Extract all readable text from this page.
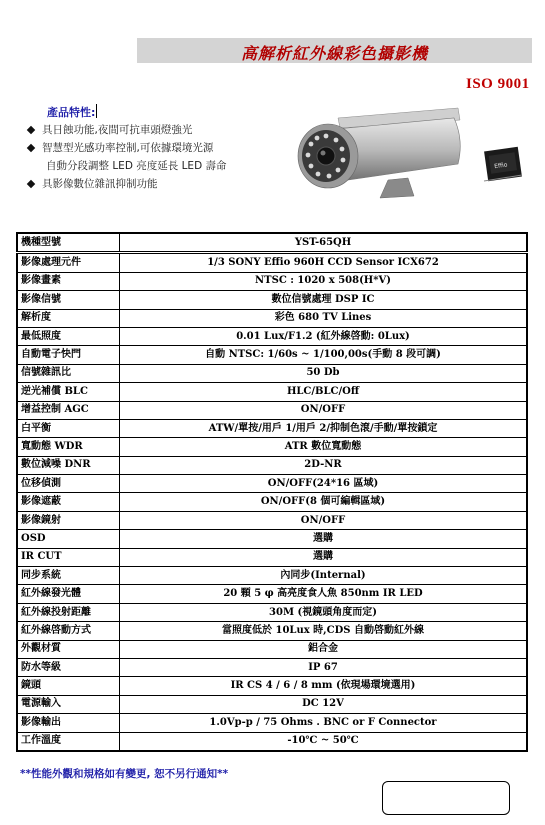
高解析紅外線彩色攝影機
ISO 9001
產品特性:
具日蝕功能,夜間可抗車頭燈強光
智慧型光感功率控制,可依據環境光源
自動分段調整 LED 亮度延長 LED 壽命
具影像數位雜訊抑制功能
Effio
機種型號	YST-65QH
影像處理元件	1/3 SONY Effio 960H CCD Sensor ICX672
影像畫素	NTSC : 1020 x 508(H*V)
影像信號	數位信號處理 DSP IC
解析度	彩色 680 TV Lines
最低照度	0.01 Lux/F1.2 (紅外線啓動: 0Lux)
自動電子快門	自動 NTSC: 1/60s ~ 1/100,00s(手動 8 段可調)
信號雜訊比	50 Db
逆光補償 BLC	HLC/BLC/Off
增益控制 AGC	ON/OFF
白平衡	ATW/單按/用戶 1/用戶 2/抑制色滾/手動/單按鎖定
寬動態 WDR	ATR 數位寬動態
數位減噪 DNR	2D-NR
位移偵測	ON/OFF(24*16 區域)
影像遮蔽	ON/OFF(8 個可編輯區域)
影像鏡射	ON/OFF
OSD	選購
IR CUT	選購
同步系統	內同步(Internal)
紅外線發光體	20 顆 5 φ 高亮度食人魚 850nm IR LED
紅外線投射距離	30M (視鏡頭角度而定)
紅外線啓動方式	當照度低於 10Lux 時,CDS 自動啓動紅外線
外觀材質	鋁合金
防水等級	IP 67
鏡頭	IR CS 4 / 6 / 8 mm (依現場環境選用)
電源輸入	DC 12V
影像輸出	1.0Vp-p / 75 Ohms . BNC or F Connector
工作溫度	-10℃ ~ 50℃
**性能外觀和規格如有變更, 恕不另行通知**
